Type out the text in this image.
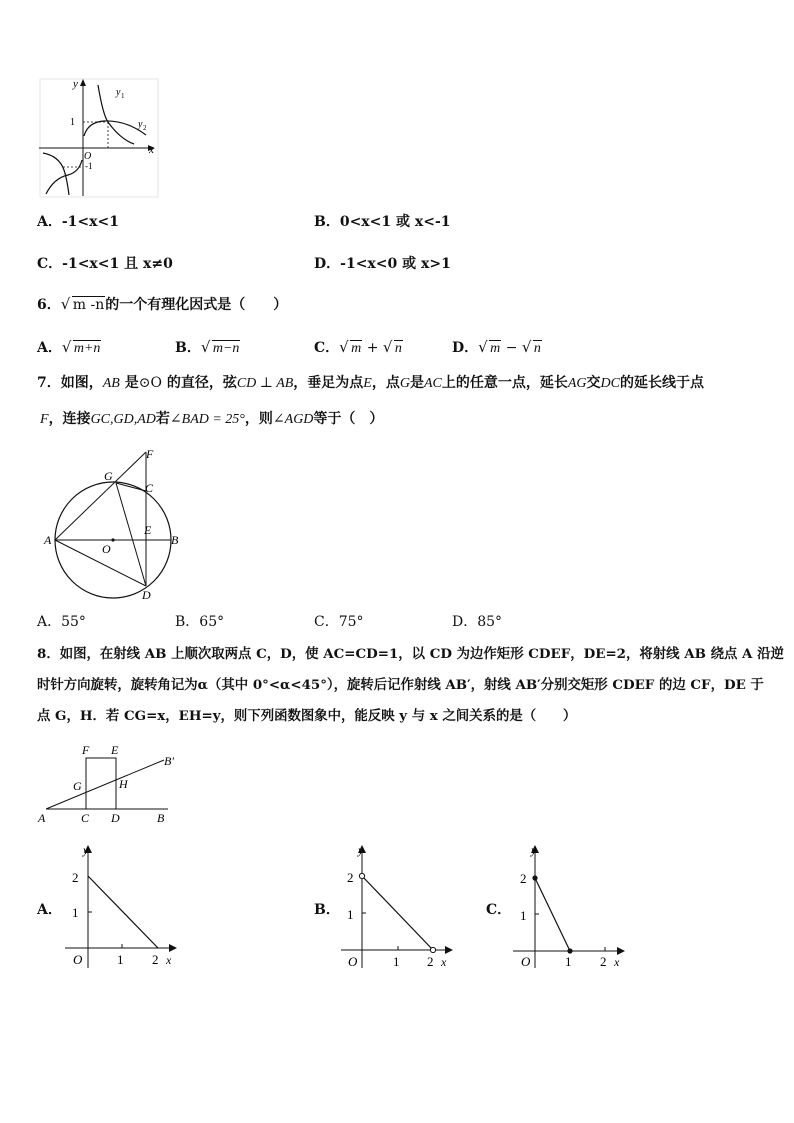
y
x
y 1
y 2
1
O
-1
A．-1<x<1	B．0<x<1 或 x<-1
C．-1<x<1 且 x≠0	D．-1<x<0 或 x>1
6． √ m -n的一个有理化因式是（　　）
A． √ m+n	B． √ m−n	C． √ m + √ n	D． √ m − √ n
7．如图，AB 是⊙O 的直径，弦CD ⊥ AB，垂足为点E，点G是AC上的任意一点，延长AG交DC的延长线于点
F，连接GC,GD,AD若∠BAD = 25°，则∠AGD等于（　）
G
F
C
E
A
O
B
D
A．55°	B．65°	C．75°	D．85°
8．如图，在射线 AB 上顺次取两点 C，D，使 AC=CD=1，以 CD 为边作矩形 CDEF，DE=2，将射线 AB 绕点 A 沿逆
时针方向旋转，旋转角记为α（其中 0°<α<45°），旋转后记作射线 AB′，射线 AB′分别交矩形 CDEF 的边 CF，DE 于
点 G，H．若 CG=x，EH=y，则下列函数图象中，能反映 y 与 x 之间关系的是（　　）
F E
B′
G	H
A	C D	B
A．
y
2
1
O	1 2 x
B．
y
2
1
O	1 2 x
C．
y
2
1
O	1 2 x
